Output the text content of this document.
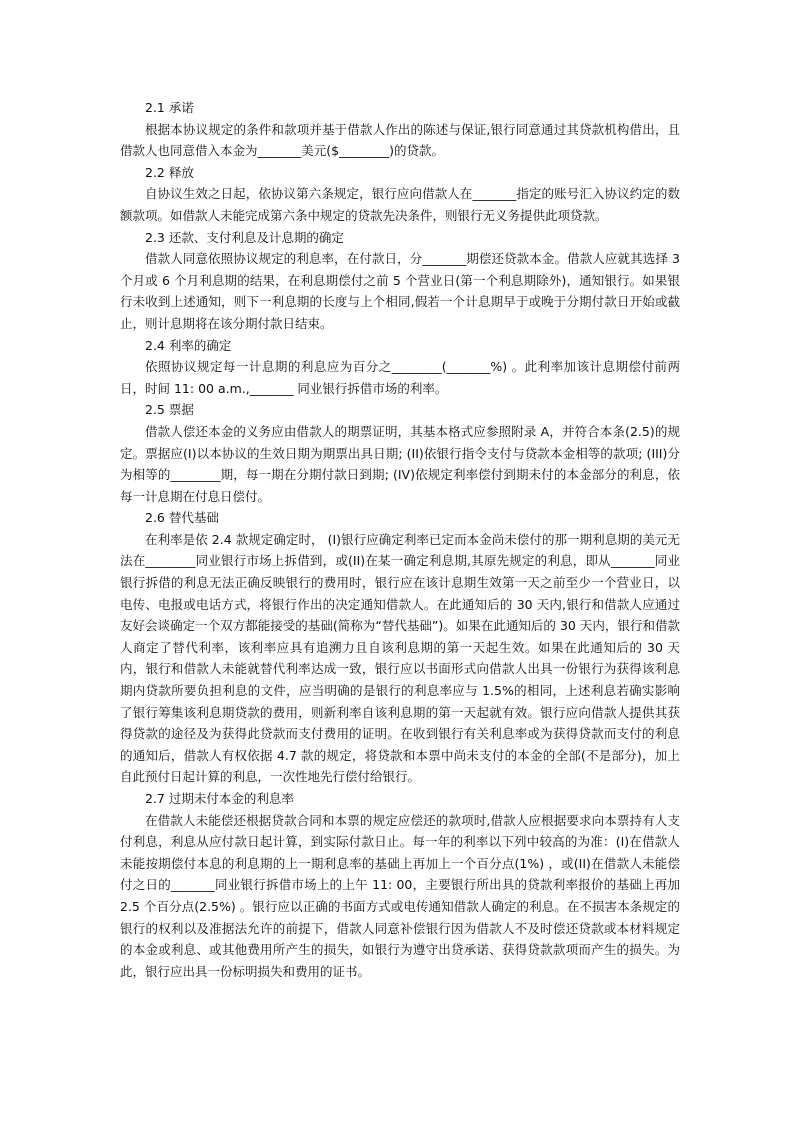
2.1 承诺

根据本协议规定的条件和款项并基于借款人作出的陈述与保证,银行同意通过其贷款机构借出，且借款人也同意借入本金为_______美元($________)的贷款。

2.2 释放

自协议生效之日起，依协议第六条规定，银行应向借款人在_______指定的账号汇入协议约定的数额款项。如借款人未能完成第六条中规定的贷款先决条件，则银行无义务提供此项贷款。

2.3 还款、支付利息及计息期的确定

借款人同意依照协议规定的利息率，在付款日，分_______期偿还贷款本金。借款人应就其选择 3 个月或 6 个月利息期的结果，在利息期偿付之前 5 个营业日(第一个利息期除外)，通知银行。如果银行未收到上述通知，则下一利息期的长度与上个相同,假若一个计息期早于或晚于分期付款日开始或截止，则计息期将在该分期付款日结束。

2.4 利率的确定

依照协议规定每一计息期的利息应为百分之________(_______%) 。此利率加该计息期偿付前两日，时间 11: 00 a.m.,_______ 同业银行拆借市场的利率。

2.5 票据

借款人偿还本金的义务应由借款人的期票证明，其基本格式应参照附录 A，并符合本条(2.5)的规定。票据应(I)以本协议的生效日期为期票出具日期; (II)依银行指令支付与贷款本金相等的款项; (III)分为相等的________期，每一期在分期付款日到期; (IV)依规定利率偿付到期未付的本金部分的利息，依每一计息期在付息日偿付。

2.6 替代基础

在利率是依 2.4 款规定确定时， (I)银行应确定利率已定而本金尚未偿付的那一期利息期的美元无法在________同业银行市场上拆借到，或(II)在某一确定利息期,其原先规定的利息，即从_______同业银行拆借的利息无法正确反映银行的费用时，银行应在该计息期生效第一天之前至少一个营业日，以电传、电报或电话方式，将银行作出的决定通知借款人。在此通知后的 30 天内,银行和借款人应通过友好会谈确定一个双方都能接受的基础(简称为“替代基础”)。如果在此通知后的 30 天内，银行和借款人商定了替代利率，该利率应具有追溯力且自该利息期的第一天起生效。如果在此通知后的 30 天内，银行和借款人未能就替代利率达成一致，银行应以书面形式向借款人出具一份银行为获得该利息期内贷款所要负担利息的文件，应当明确的是银行的利息率应与 1.5%的相同，上述利息若确实影响了银行筹集该利息期贷款的费用，则新利率自该利息期的第一天起就有效。银行应向借款人提供其获得贷款的途径及为获得此贷款而支付费用的证明。在收到银行有关利息率或为获得贷款而支付的利息的通知后，借款人有权依据 4.7 款的规定，将贷款和本票中尚未支付的本金的全部(不是部分)，加上自此预付日起计算的利息，一次性地先行偿付给银行。

2.7 过期未付本金的利息率

在借款人未能偿还根据贷款合同和本票的规定应偿还的款项时,借款人应根据要求向本票持有人支付利息，利息从应付款日起计算，到实际付款日止。每一年的利率以下列中较高的为准：(I)在借款人未能按期偿付本息的利息期的上一期利息率的基础上再加上一个百分点(1%) ，或(II)在借款人未能偿付之日的_______同业银行拆借市场上的上午 11: 00，主要银行所出具的贷款利率报价的基础上再加 2.5 个百分点(2.5%) 。银行应以正确的书面方式或电传通知借款人确定的利息。在不损害本条规定的银行的权利以及准据法允许的前提下，借款人同意补偿银行因为借款人不及时偿还贷款或本材料规定的本金或利息、或其他费用所产生的损失，如银行为遵守出贷承诺、获得贷款款项而产生的损失。为此，银行应出具一份标明损失和费用的证书。
